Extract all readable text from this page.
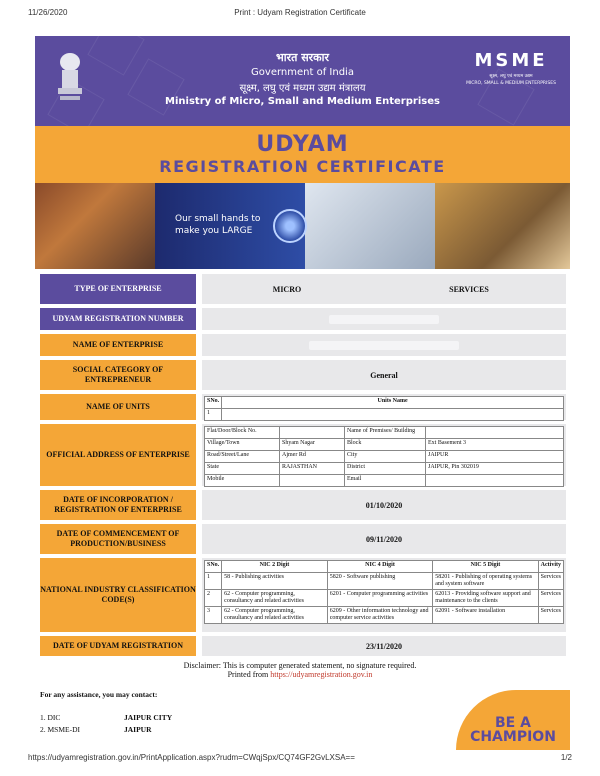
11/26/2020	Print : Udyam Registration Certificate
भारत सरकार
Government of India
सूक्ष्म, लघु एवं मध्यम उद्यम मंत्रालय
Ministry of Micro, Small and Medium Enterprises
MSME
सूक्ष्म, लघु एवं मध्यम उद्यम
MICRO, SMALL & MEDIUM ENTERPRISES
UDYAM
REGISTRATION CERTIFICATE
Our small hands to
make you LARGE
TYPE OF ENTERPRISE	MICRO	SERVICES
UDYAM REGISTRATION NUMBER
NAME OF ENTERPRISE
SOCIAL CATEGORY OF ENTREPRENEUR	General
NAME OF UNITS
SNo.	Units Name
1	
OFFICIAL ADDRESS OF ENTERPRISE
Flat/Door/Block No.		Name of Premises/ Building	
Village/Town	Shyam Nagar	Block	Ext Basement 3
Road/Street/Lane	Ajmer Rd	City	JAIPUR
State	RAJASTHAN	District	JAIPUR, Pin 302019
Mobile		Email	
DATE OF INCORPORATION / REGISTRATION OF ENTERPRISE	01/10/2020
DATE OF COMMENCEMENT OF PRODUCTION/BUSINESS	09/11/2020
NATIONAL INDUSTRY CLASSIFICATION CODE(S)
SNo.	NIC 2 Digit	NIC 4 Digit	NIC 5 Digit	Activity
1	58 - Publishing activities	5820 - Software publishing	58201 - Publishing of operating systems and system software	Services
2	62 - Computer programming, consultancy and related activities	6201 - Computer programming activities	62013 - Providing software support and maintenance to the clients	Services
3	62 - Computer programming, consultancy and related activities	6209 - Other information technology and computer service activities	62091 - Software installation	Services
DATE OF UDYAM REGISTRATION	23/11/2020
Disclaimer: This is computer generated statement, no signature required.
Printed from https://udyamregistration.gov.in
For any assistance, you may contact:
1. DIC	JAIPUR CITY
2. MSME-DI	JAIPUR	BE A
CHAMPION
https://udyamregistration.gov.in/PrintApplication.aspx?rudm=CWqjSpx/CQ74GF2GvLXSA==	1/2
